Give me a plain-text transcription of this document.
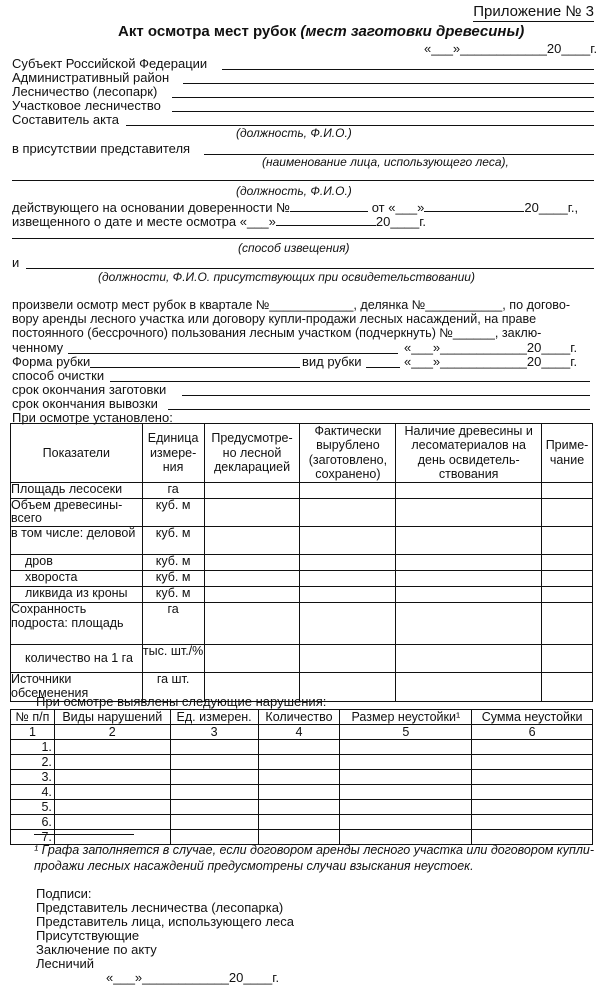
Приложение № 3
Акт осмотра мест рубок (мест заготовки древесины)
«___»____________20____г.
Субъект Российской Федерации
Административный район
Лесничество (лесопарк)
Участковое лесничество
Составитель акта
(должность, Ф.И.О.)
в присутствии представителя
(наименование лица, использующего леса),
(должность, Ф.И.О.)
действующего на основании доверенности №	от «___»	20____г.,
извещенного о дате и месте осмотра «___»	20____г.
(способ извещения)
и
(должности, Ф.И.О. присутствующих при освидетельствовании)
произвели осмотр мест рубок в квартале №____________, делянка №___________, по догово-
вору аренды лесного участка или договору купли-продажи лесных насаждений, на праве
постоянного (бессрочного) пользования лесным участком (подчеркнуть) №______, заклю-
ченному	«___»____________20____г.
Форма рубки	вид рубки	«___»____________20____г.
способ очистки
срок окончания заготовки
срок окончания вывозки
При осмотре установлено:
Показатели	Единица измере-ния	Предусмотре-но лесной декларацией	Фактически вырублено (заготовлено, сохранено)	Наличие древесины и лесоматериалов на день освидетель-ствования	Приме-чание
Площадь лесосеки	га				
Объем древесины-всего	куб. м				
в том числе: деловой	куб. м				
дров	куб. м				
хвороста	куб. м				
ликвида из кроны	куб. м				
Сохранность подроста: площадь	га				
количество на 1 га	тыс. шт./%				
Источники обсеменения	га шт.				
При осмотре выявлены следующие нарушения:
№ п/п	Виды нарушений	Ед. измерен.	Количество	Размер неустойки¹	Сумма неустойки
1	2	3	4	5	6
1.					
2.					
3.					
4.					
5.					
6.					
7.					
¹ Графа заполняется в случае, если договором аренды лесного участка или договором купли-продажи лесных насаждений предусмотрены случаи взыскания неустоек.
Подписи:
Представитель лесничества (лесопарка)
Представитель лица, использующего леса
Присутствующие
Заключение по акту
Лесничий
«___»____________20____г.
